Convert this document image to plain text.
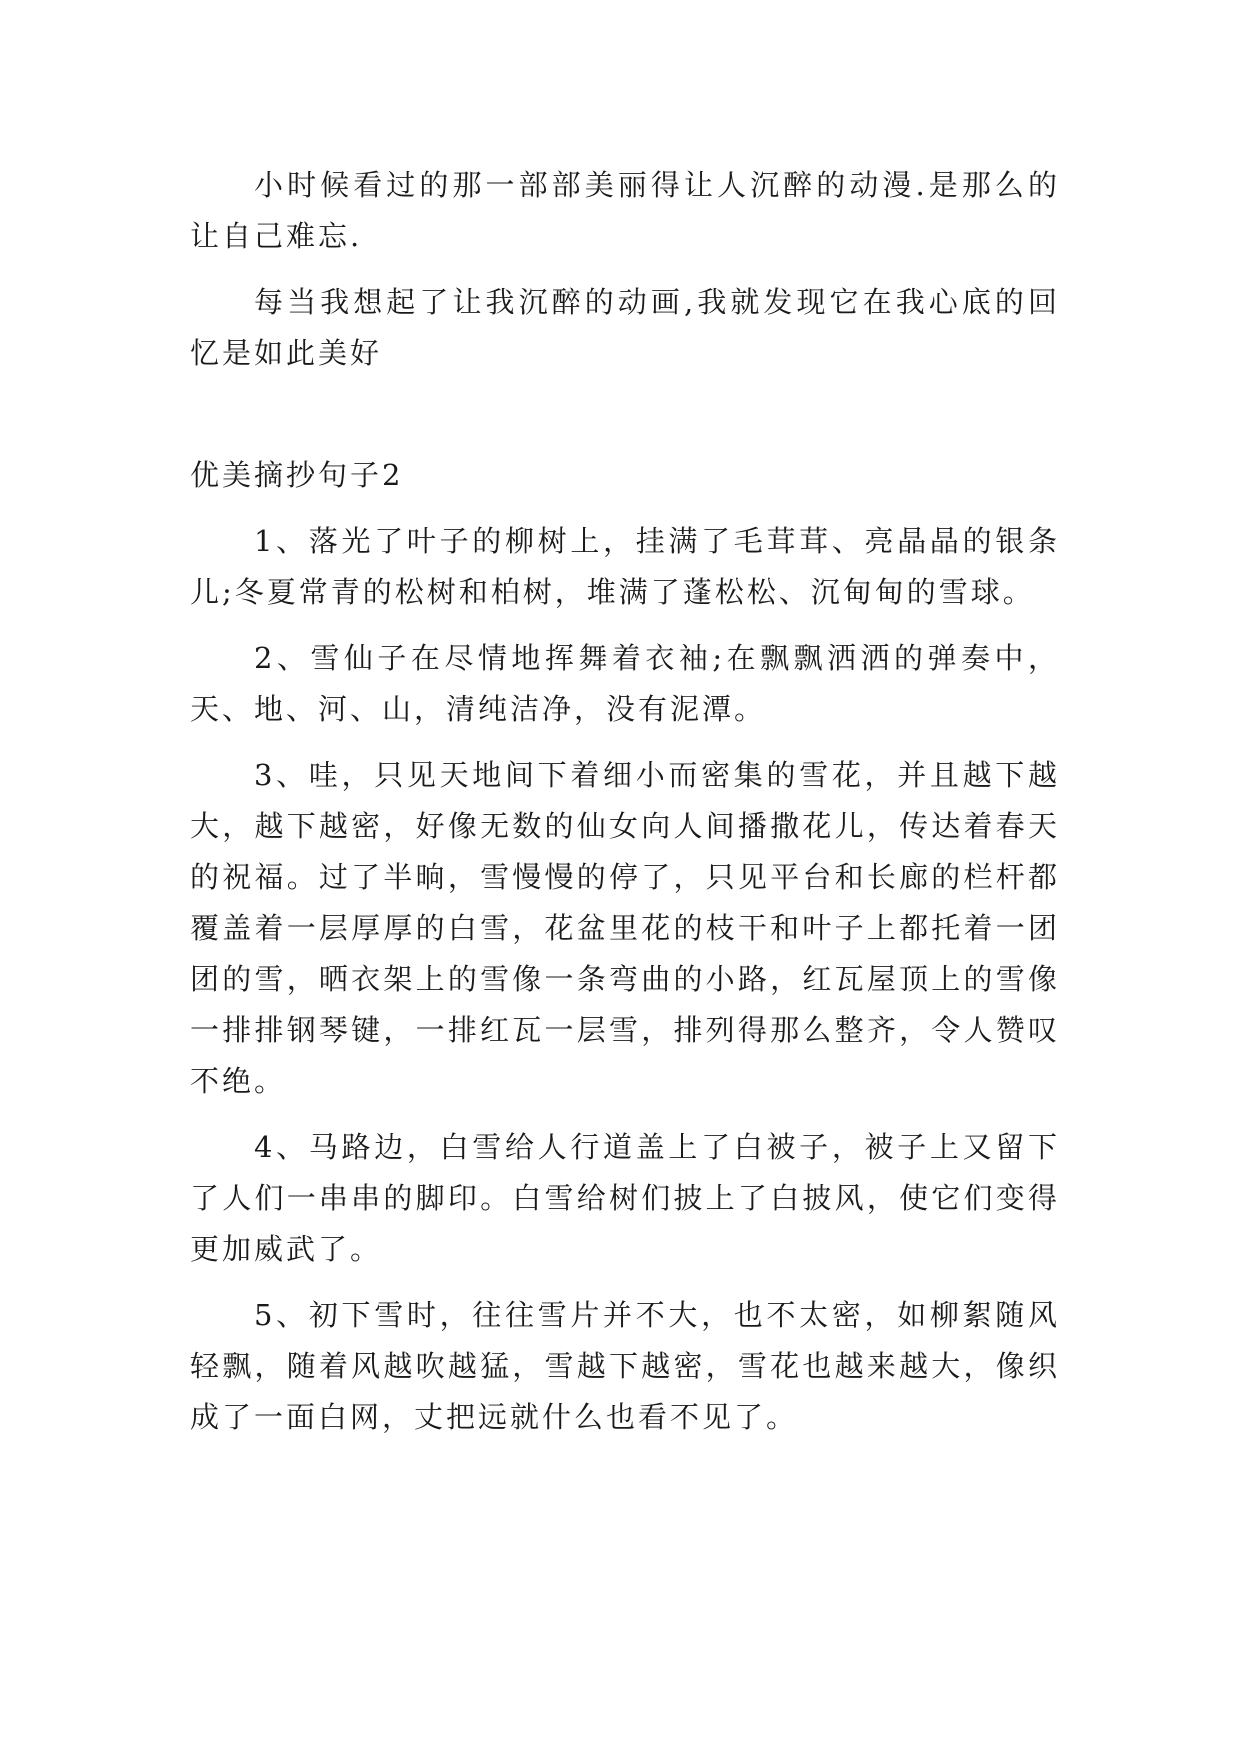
小时候看过的那一部部美丽得让人沉醉的动漫.是那么的让自己难忘.

每当我想起了让我沉醉的动画,我就发现它在我心底的回忆是如此美好

优美摘抄句子2

1、落光了叶子的柳树上，挂满了毛茸茸、亮晶晶的银条儿;冬夏常青的松树和柏树，堆满了蓬松松、沉甸甸的雪球。

2、雪仙子在尽情地挥舞着衣袖;在飘飘洒洒的弹奏中，天、地、河、山，清纯洁净，没有泥潭。

3、哇，只见天地间下着细小而密集的雪花，并且越下越大，越下越密，好像无数的仙女向人间播撒花儿，传达着春天的祝福。过了半晌，雪慢慢的停了，只见平台和长廊的栏杆都覆盖着一层厚厚的白雪，花盆里花的枝干和叶子上都托着一团团的雪，晒衣架上的雪像一条弯曲的小路，红瓦屋顶上的雪像一排排钢琴键，一排红瓦一层雪，排列得那么整齐，令人赞叹不绝。

4、马路边，白雪给人行道盖上了白被子，被子上又留下了人们一串串的脚印。白雪给树们披上了白披风，使它们变得更加威武了。

5、初下雪时，往往雪片并不大，也不太密，如柳絮随风轻飘，随着风越吹越猛，雪越下越密，雪花也越来越大，像织成了一面白网，丈把远就什么也看不见了。
